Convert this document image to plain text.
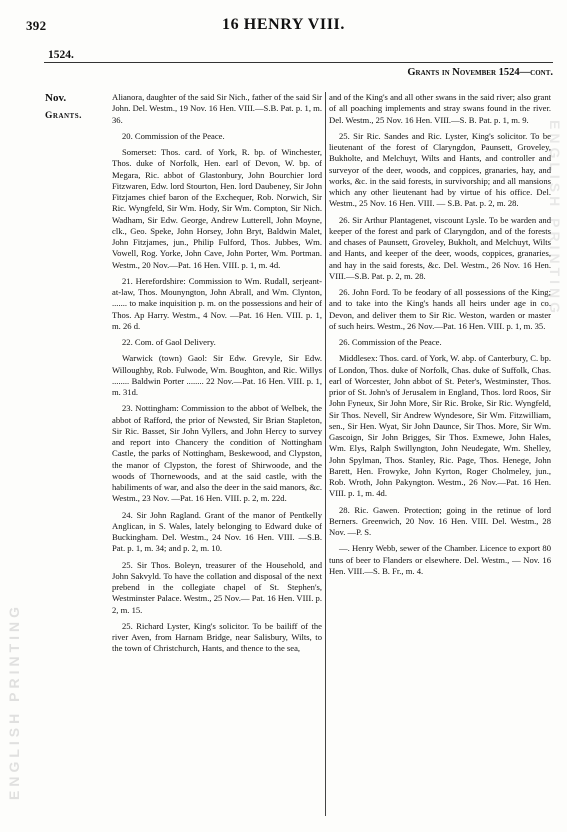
ENGLISH PRINTING
ENGLISH PRINTING
392	16 HENRY VIII.
1524.
Grants in November 1524—cont.
Nov.
Grants.

Alianora, daughter of the said Sir Nich., father of the said Sir John. Del. Westm., 19 Nov. 16 Hen. VIII.—S.B. Pat. p. 1, m. 36.

20. Commission of the Peace.

Somerset: Thos. card. of York, R. bp. of Winchester, Thos. duke of Norfolk, Hen. earl of Devon, W. bp. of Megara, Ric. abbot of Glastonbury, John Bourchier lord Fitzwaren, Edw. lord Stourton, Hen. lord Daubeney, Sir John Fitzjames chief baron of the Exchequer, Rob. Norwich, Sir Ric. Wyngfeld, Sir Wm. Hody, Sir Wm. Compton, Sir Nich. Wadham, Sir Edw. George, Andrew Lutterell, John Moyne, clk., Geo. Speke, John Horsey, John Bryt, Baldwin Malet, John Fitzjames, jun., Philip Fulford, Thos. Jubbes, Wm. Vowell, Rog. Yorke, John Cave, John Porter, Wm. Portman. Westm., 20 Nov.—Pat. 16 Hen. VIII. p. 1, m. 4d.

21. Herefordshire: Commission to Wm. Rudall, serjeant-at-law, Thos. Mounyngton, John Abrall, and Wm. Clynton, ....... to make inquisition p. m. on the possessions and heir of Thos. Ap Harry. Westm., 4 Nov. —Pat. 16 Hen. VIII. p. 1, m. 26 d.

22. Com. of Gaol Delivery.

Warwick (town) Gaol: Sir Edw. Grevyle, Sir Edw. Willoughby, Rob. Fulwode, Wm. Boughton, and Ric. Willys ........ Baldwin Porter ........ 22 Nov.—Pat. 16 Hen. VIII. p. 1, m. 31d.

23. Nottingham: Commission to the abbot of Welbek, the abbot of Rafford, the prior of Newsted, Sir Brian Stapleton, Sir Ric. Basset, Sir John Vyllers, and John Hercy to survey and report into Chancery the condition of Nottingham Castle, the parks of Nottingham, Beskewood, and Clypston, the manor of Clypston, the forest of Shirwoode, and the woods of Thornewoods, and at the said castle, with the habiliments of war, and also the deer in the said manors, &c. Westm., 23 Nov. —Pat. 16 Hen. VIII. p. 2, m. 22d.

24. Sir John Ragland. Grant of the manor of Pentkelly Anglican, in S. Wales, lately belonging to Edward duke of Buckingham. Del. Westm., 24 Nov. 16 Hen. VIII. —S.B. Pat. p. 1, m. 34; and p. 2, m. 10.

25. Sir Thos. Boleyn, treasurer of the Household, and John Sakvyld. To have the collation and disposal of the next prebend in the collegiate chapel of St. Stephen's, Westminster Palace. Westm., 25 Nov.— Pat. 16 Hen. VIII. p. 2, m. 15.

25. Richard Lyster, King's solicitor. To be bailiff of the river Aven, from Harnam Bridge, near Salisbury, Wilts, to the town of Christchurch, Hants, and thence to the sea,

and of the King's and all other swans in the said river; also grant of all poaching implements and stray swans found in the river. Del. Westm., 25 Nov. 16 Hen. VIII.—S. B. Pat. p. 1, m. 9.

25. Sir Ric. Sandes and Ric. Lyster, King's solicitor. To be lieutenant of the forest of Claryngdon, Paunsett, Groveley, Bukholte, and Melchuyt, Wilts and Hants, and controller and surveyor of the deer, woods, and coppices, granaries, hay, and works, &c. in the said forests, in survivorship; and all mansions which any other lieutenant had by virtue of his office. Del. Westm., 25 Nov. 16 Hen. VIII. — S.B. Pat. p. 2, m. 28.

26. Sir Arthur Plantagenet, viscount Lysle. To be warden and keeper of the forest and park of Claryngdon, and of the forests and chases of Paunsett, Groveley, Bukholt, and Melchuyt, Wilts and Hants, and keeper of the deer, woods, coppices, granaries, and hay in the said forests, &c. Del. Westm., 26 Nov. 16 Hen. VIII.—S.B. Pat. p. 2, m. 28.

26. John Ford. To be feodary of all possessions of the King; and to take into the King's hands all heirs under age in co. Devon, and deliver them to Sir Ric. Weston, warden or master of such heirs. Westm., 26 Nov.—Pat. 16 Hen. VIII. p. 1, m. 35.

26. Commission of the Peace.

Middlesex: Thos. card. of York, W. abp. of Canterbury, C. bp. of London, Thos. duke of Norfolk, Chas. duke of Suffolk, Chas. earl of Worcester, John abbot of St. Peter's, Westminster, Thos. prior of St. John's of Jerusalem in England, Thos. lord Roos, Sir John Fyneux, Sir John More, Sir Ric. Broke, Sir Ric. Wyngfeld, Sir Thos. Nevell, Sir Andrew Wyndesore, Sir Wm. Fitzwilliam, sen., Sir Hen. Wyat, Sir John Daunce, Sir Thos. More, Sir Wm. Gascoign, Sir John Brigges, Sir Thos. Exmewe, John Hales, Wm. Elys, Ralph Swillyngton, John Neudegate, Wm. Shelley, John Spylman, Thos. Stanley, Ric. Page, Thos. Henege, John Barett, Hen. Frowyke, John Kyrton, Roger Cholmeley, jun., Rob. Wroth, John Pakyngton. Westm., 26 Nov.—Pat. 16 Hen. VIII. p. 1, m. 4d.

28. Ric. Gawen. Protection; going in the retinue of lord Berners. Greenwich, 20 Nov. 16 Hen. VIII. Del. Westm., 28 Nov. —P. S.

—. Henry Webb, sewer of the Chamber. Licence to export 80 tuns of beer to Flanders or elsewhere. Del. Westm., — Nov. 16 Hen. VIII.—S. B. Fr., m. 4.
